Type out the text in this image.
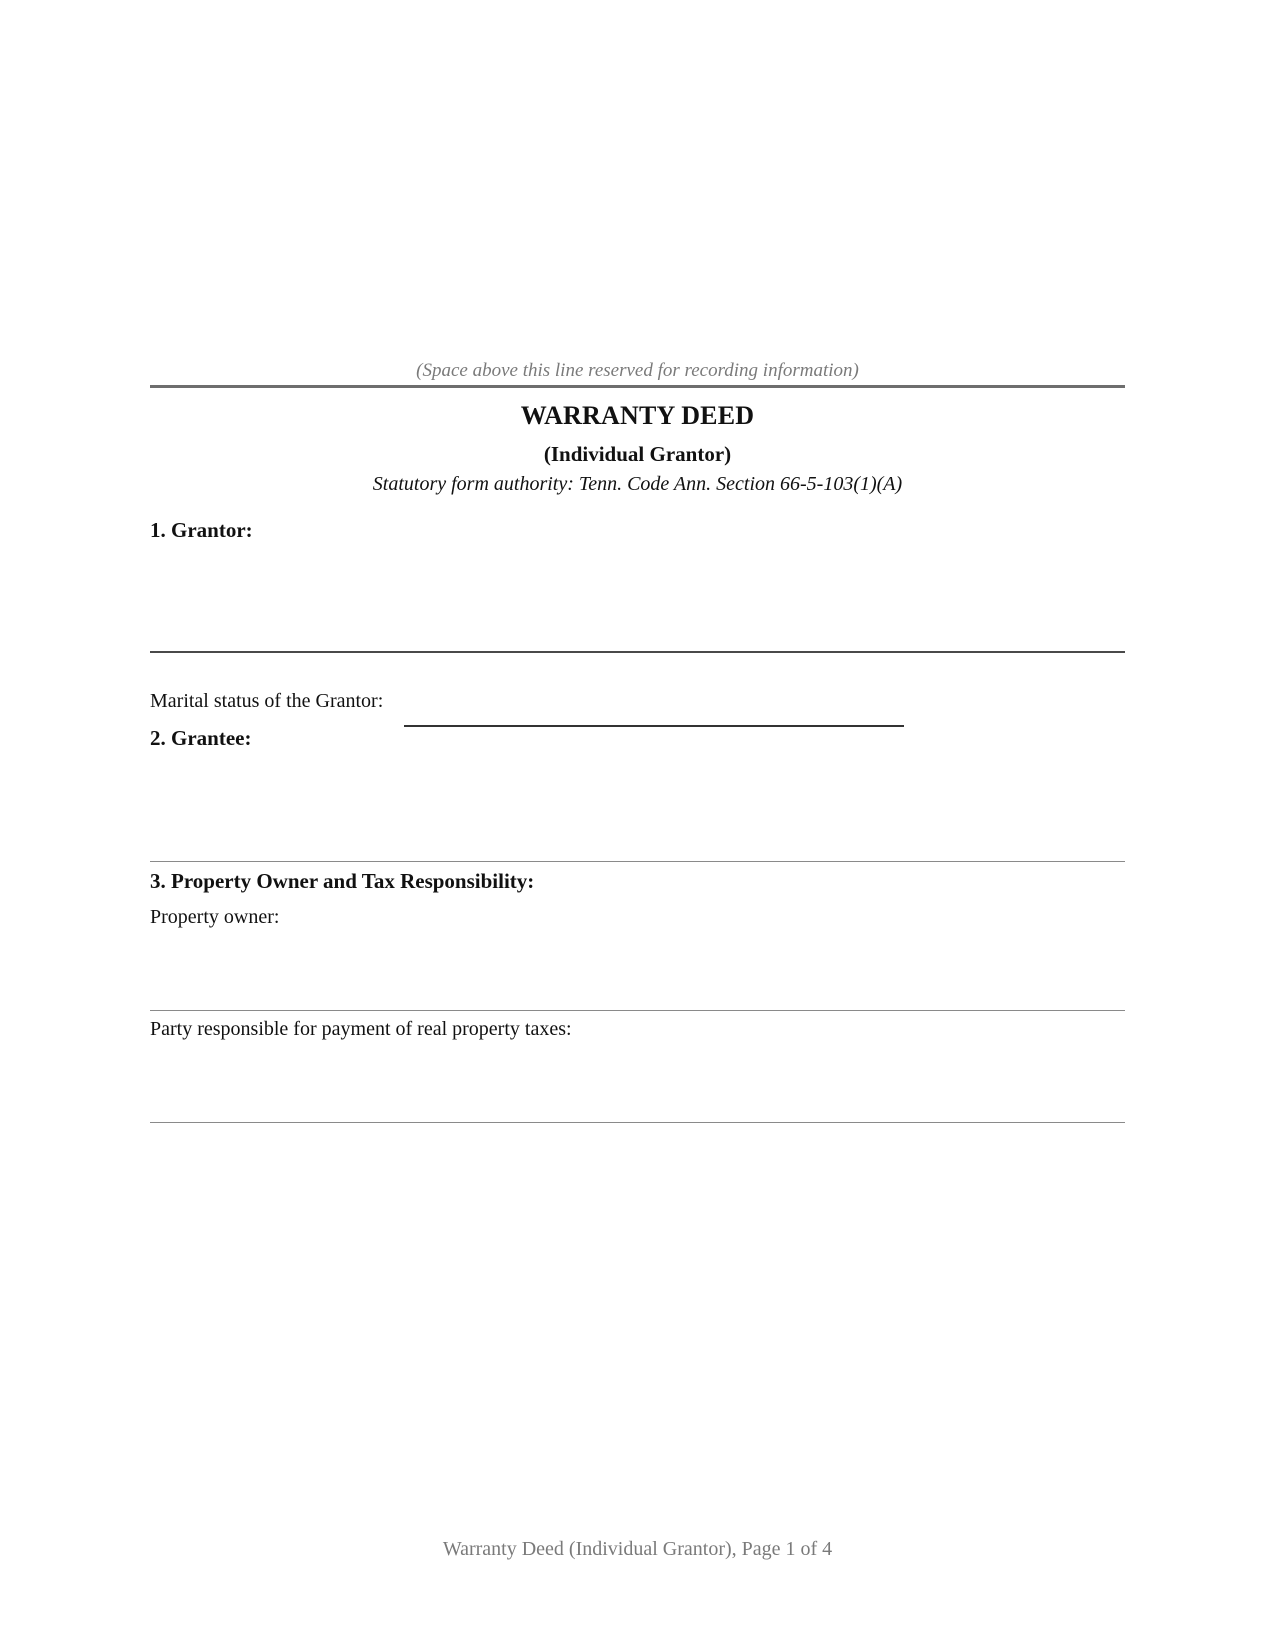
(Space above this line reserved for recording information)
WARRANTY DEED
(Individual Grantor)
Statutory form authority: Tenn. Code Ann. Section 66-5-103(1)(A)
1. Grantor:
Marital status of the Grantor:
2. Grantee:
3. Property Owner and Tax Responsibility:
Property owner:
Party responsible for payment of real property taxes:
Warranty Deed (Individual Grantor), Page 1 of 4
